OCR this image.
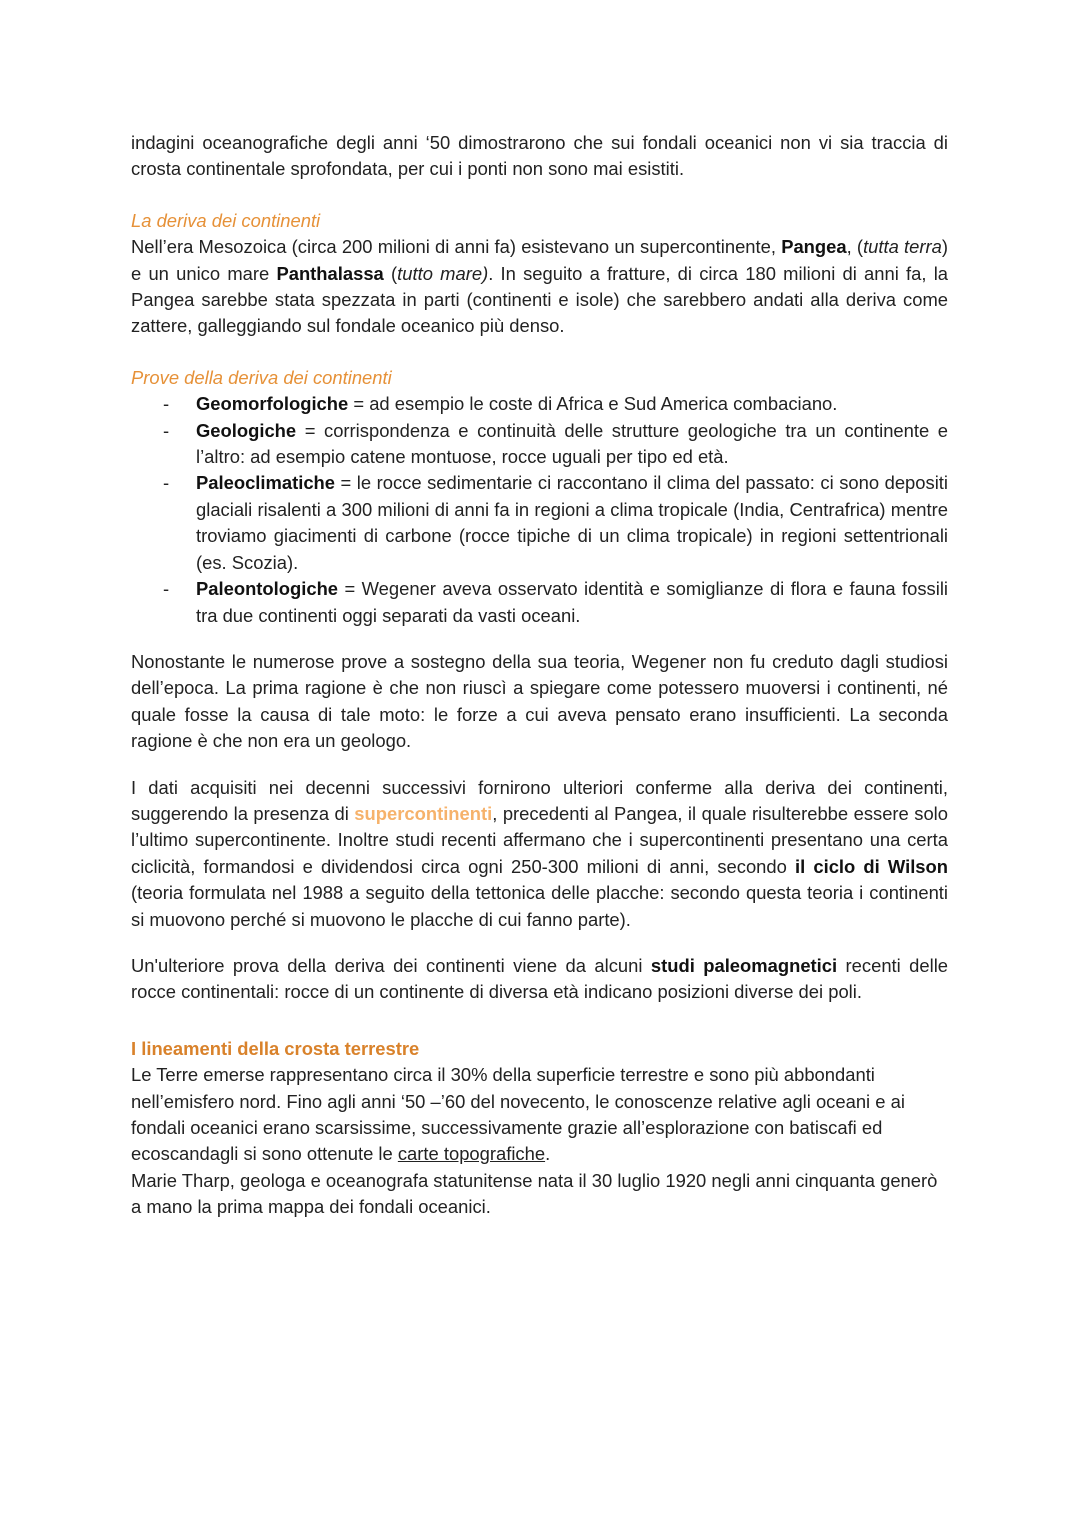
indagini oceanografiche degli anni ‘50 dimostrarono che sui fondali oceanici non vi sia traccia di crosta continentale sprofondata, per cui i ponti non sono mai esistiti.

La deriva dei continenti

Nell’era Mesozoica (circa 200 milioni di anni fa) esistevano un supercontinente, Pangea, (tutta terra) e un unico mare Panthalassa (tutto mare). In seguito a fratture, di circa 180 milioni di anni fa, la Pangea sarebbe stata spezzata in parti (continenti e isole) che sarebbero andati alla deriva come zattere, galleggiando sul fondale oceanico più denso.

Prove della deriva dei continenti
- Geomorfologiche = ad esempio le coste di Africa e Sud America combaciano.
- Geologiche = corrispondenza e continuità delle strutture geologiche tra un continente e l’altro: ad esempio catene montuose, rocce uguali per tipo ed età.
- Paleoclimatiche = le rocce sedimentarie ci raccontano il clima del passato: ci sono depositi glaciali risalenti a 300 milioni di anni fa in regioni a clima tropicale (India, Centrafrica) mentre troviamo giacimenti di carbone (rocce tipiche di un clima tropicale) in regioni settentrionali (es. Scozia).
- Paleontologiche = Wegener aveva osservato identità e somiglianze di flora e fauna fossili tra due continenti oggi separati da vasti oceani.

Nonostante le numerose prove a sostegno della sua teoria, Wegener non fu creduto dagli studiosi dell’epoca. La prima ragione è che non riuscì a spiegare come potessero muoversi i continenti, né quale fosse la causa di tale moto: le forze a cui aveva pensato erano insufficienti. La seconda ragione è che non era un geologo.

I dati acquisiti nei decenni successivi fornirono ulteriori conferme alla deriva dei continenti, suggerendo la presenza di supercontinenti, precedenti al Pangea, il quale risulterebbe essere solo l’ultimo supercontinente. Inoltre studi recenti affermano che i supercontinenti presentano una certa ciclicità, formandosi e dividendosi circa ogni 250-300 milioni di anni, secondo il ciclo di Wilson (teoria formulata nel 1988 a seguito della tettonica delle placche: secondo questa teoria i continenti si muovono perché si muovono le placche di cui fanno parte).

Un'ulteriore prova della deriva dei continenti viene da alcuni studi paleomagnetici recenti delle rocce continentali: rocce di un continente di diversa età indicano posizioni diverse dei poli.

I lineamenti della crosta terrestre

Le Terre emerse rappresentano circa il 30% della superficie terrestre e sono più abbondanti nell’emisfero nord. Fino agli anni ‘50 –’60 del novecento, le conoscenze relative agli oceani e ai fondali oceanici erano scarsissime, successivamente grazie all’esplorazione con batiscafi ed ecoscandagli si sono ottenute le carte topografiche.

Marie Tharp, geologa e oceanografa statunitense nata il 30 luglio 1920 negli anni cinquanta generò a mano la prima mappa dei fondali oceanici.
